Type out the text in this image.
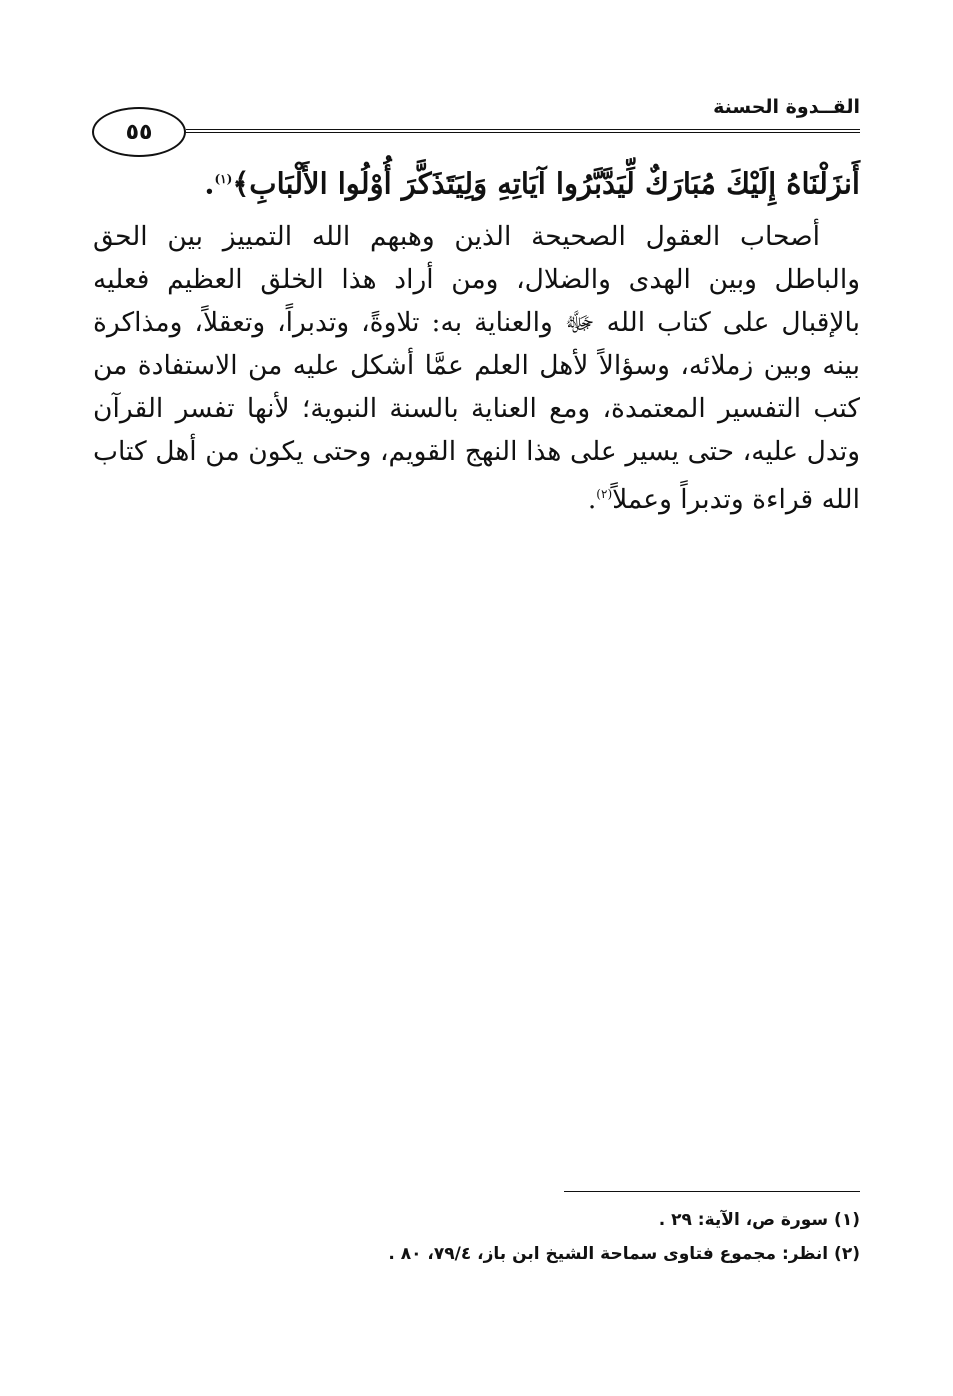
القــدوة الحسنة
٥٥
أَنزَلْنَاهُ إِلَيْكَ مُبَارَكٌ لِّيَدَّبَّرُوا آيَاتِهِ وَلِيَتَذَكَّرَ أُوْلُوا الأَلْبَابِ﴾$^{(١)}$.

أصحاب العقول الصحيحة الذين وهبهم الله التمييز بين الحق والباطل وبين الهدى والضلال، ومن أراد هذا الخلق العظيم فعليه بالإقبال على كتاب الله ﷻ والعناية به: تلاوةً، وتدبراً، وتعقلاً، ومذاكرة بينه وبين زملائه، وسؤالاً لأهل العلم عمَّا أشكل عليه من الاستفادة من كتب التفسير المعتمدة، ومع العناية بالسنة النبوية؛ لأنها تفسر القرآن وتدل عليه، حتى يسير على هذا النهج القويم، وحتى يكون من أهل كتاب الله قراءة وتدبراً وعملاً$^{(٢)}$.

(١) سورة ص، الآية: ٢٩ .
(٢) انظر: مجموع فتاوى سماحة الشيخ ابن باز، ٧٩/٤، ٨٠ .
